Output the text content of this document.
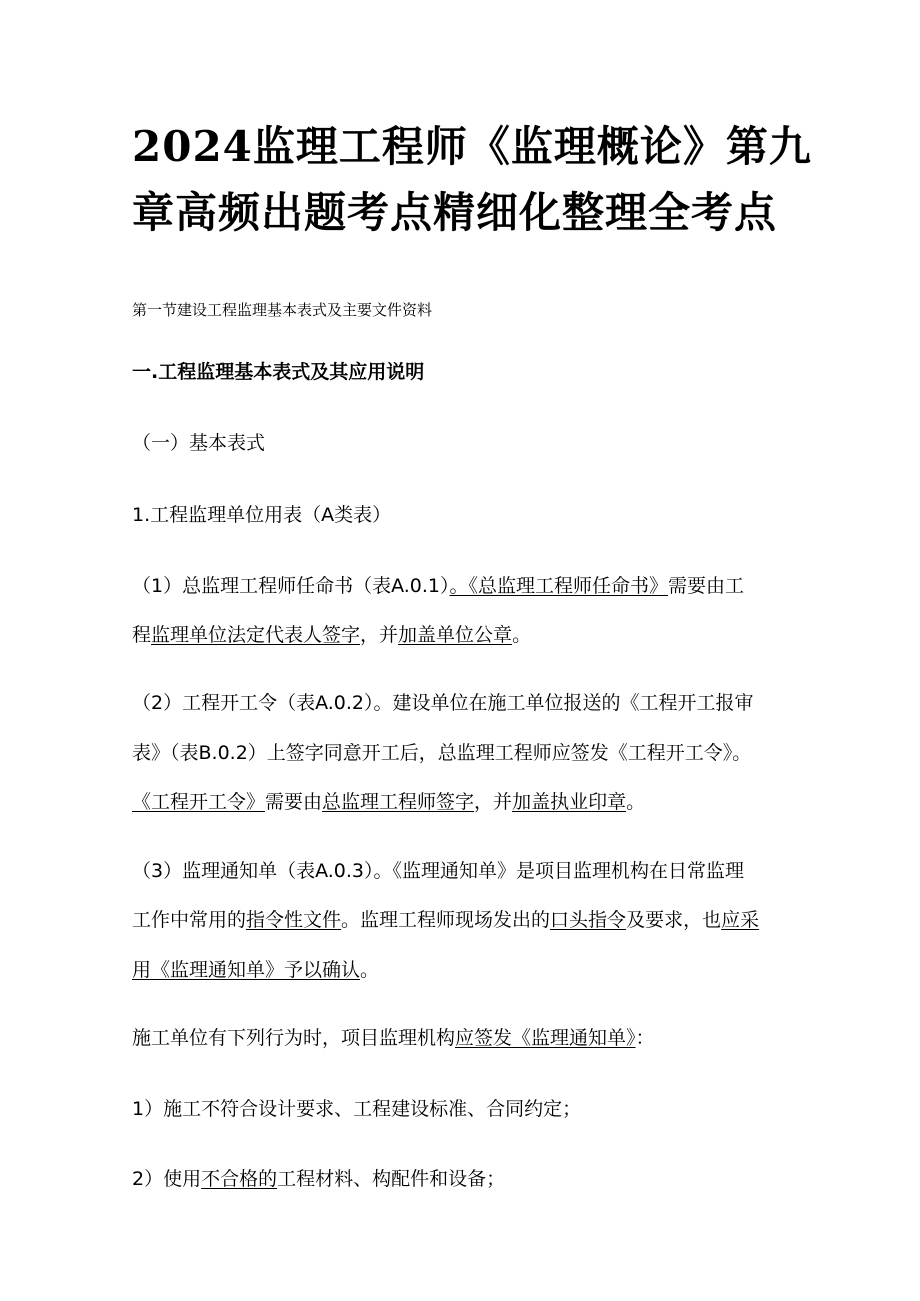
2024监理工程师《监理概论》第九
章高频出题考点精细化整理全考点
第一节建设工程监理基本表式及主要文件资料
一.工程监理基本表式及其应用说明
（一）基本表式
1.工程监理单位用表（A类表）
（1）总监理工程师任命书（表A.0.1）。《总监理工程师任命书》需要由工
程监理单位法定代表人签字，并加盖单位公章。
（2）工程开工令（表A.0.2）。建设单位在施工单位报送的《工程开工报审
表》（表B.0.2）上签字同意开工后，总监理工程师应签发《工程开工令》。
《工程开工令》需要由总监理工程师签字，并加盖执业印章。
（3）监理通知单（表A.0.3）。《监理通知单》是项目监理机构在日常监理
工作中常用的指令性文件。监理工程师现场发出的口头指令及要求，也应采
用《监理通知单》予以确认。
施工单位有下列行为时，项目监理机构应签发《监理通知单》：
1）施工不符合设计要求、工程建设标准、合同约定；
2）使用不合格的工程材料、构配件和设备；
